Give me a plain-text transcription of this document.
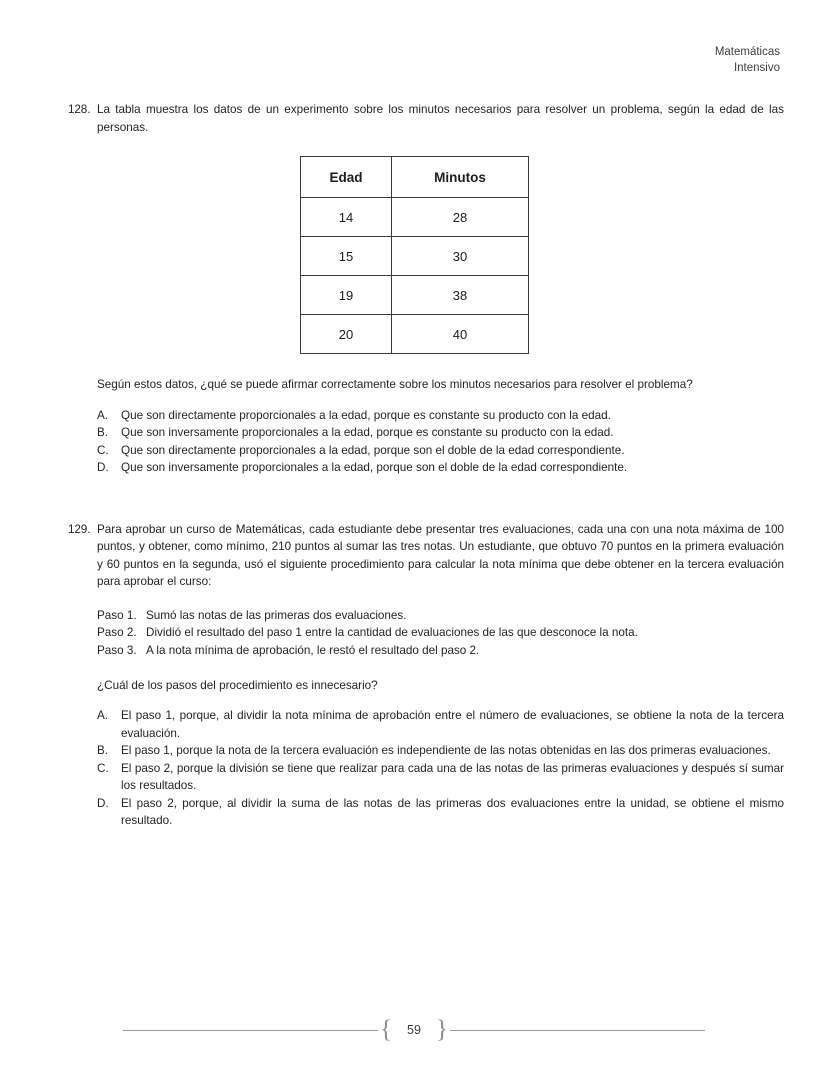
Matemáticas
Intensivo
128. La tabla muestra los datos de un experimento sobre los minutos necesarios para resolver un problema, según la edad de las personas.
Edad	Minutos
14	28
15	30
19	38
20	40
Según estos datos, ¿qué se puede afirmar correctamente sobre los minutos necesarios para resolver el problema?
A.	Que son directamente proporcionales a la edad, porque es constante su producto con la edad.
B.	Que son inversamente proporcionales a la edad, porque es constante su producto con la edad.
C.	Que son directamente proporcionales a la edad, porque son el doble de la edad correspondiente.
D.	Que son inversamente proporcionales a la edad, porque son el doble de la edad correspondiente.
129. Para aprobar un curso de Matemáticas, cada estudiante debe presentar tres evaluaciones, cada una con una nota máxima de 100 puntos, y obtener, como mínimo, 210 puntos al sumar las tres notas. Un estudiante, que obtuvo 70 puntos en la primera evaluación y 60 puntos en la segunda, usó el siguiente procedimiento para calcular la nota mínima que debe obtener en la tercera evaluación para aprobar el curso:
Paso 1. Sumó las notas de las primeras dos evaluaciones.
Paso 2. Dividió el resultado del paso 1 entre la cantidad de evaluaciones de las que desconoce la nota.
Paso 3. A la nota mínima de aprobación, le restó el resultado del paso 2.
¿Cuál de los pasos del procedimiento es innecesario?
A.	El paso 1, porque, al dividir la nota mínima de aprobación entre el número de evaluaciones, se obtiene la nota de la tercera evaluación.
B.	El paso 1, porque la nota de la tercera evaluación es independiente de las notas obtenidas en las dos primeras evaluaciones.
C.	El paso 2, porque la división se tiene que realizar para cada una de las notas de las primeras evaluaciones y después sí sumar los resultados.
D.	El paso 2, porque, al dividir la suma de las notas de las primeras dos evaluaciones entre la unidad, se obtiene el mismo resultado.
{	59 }
